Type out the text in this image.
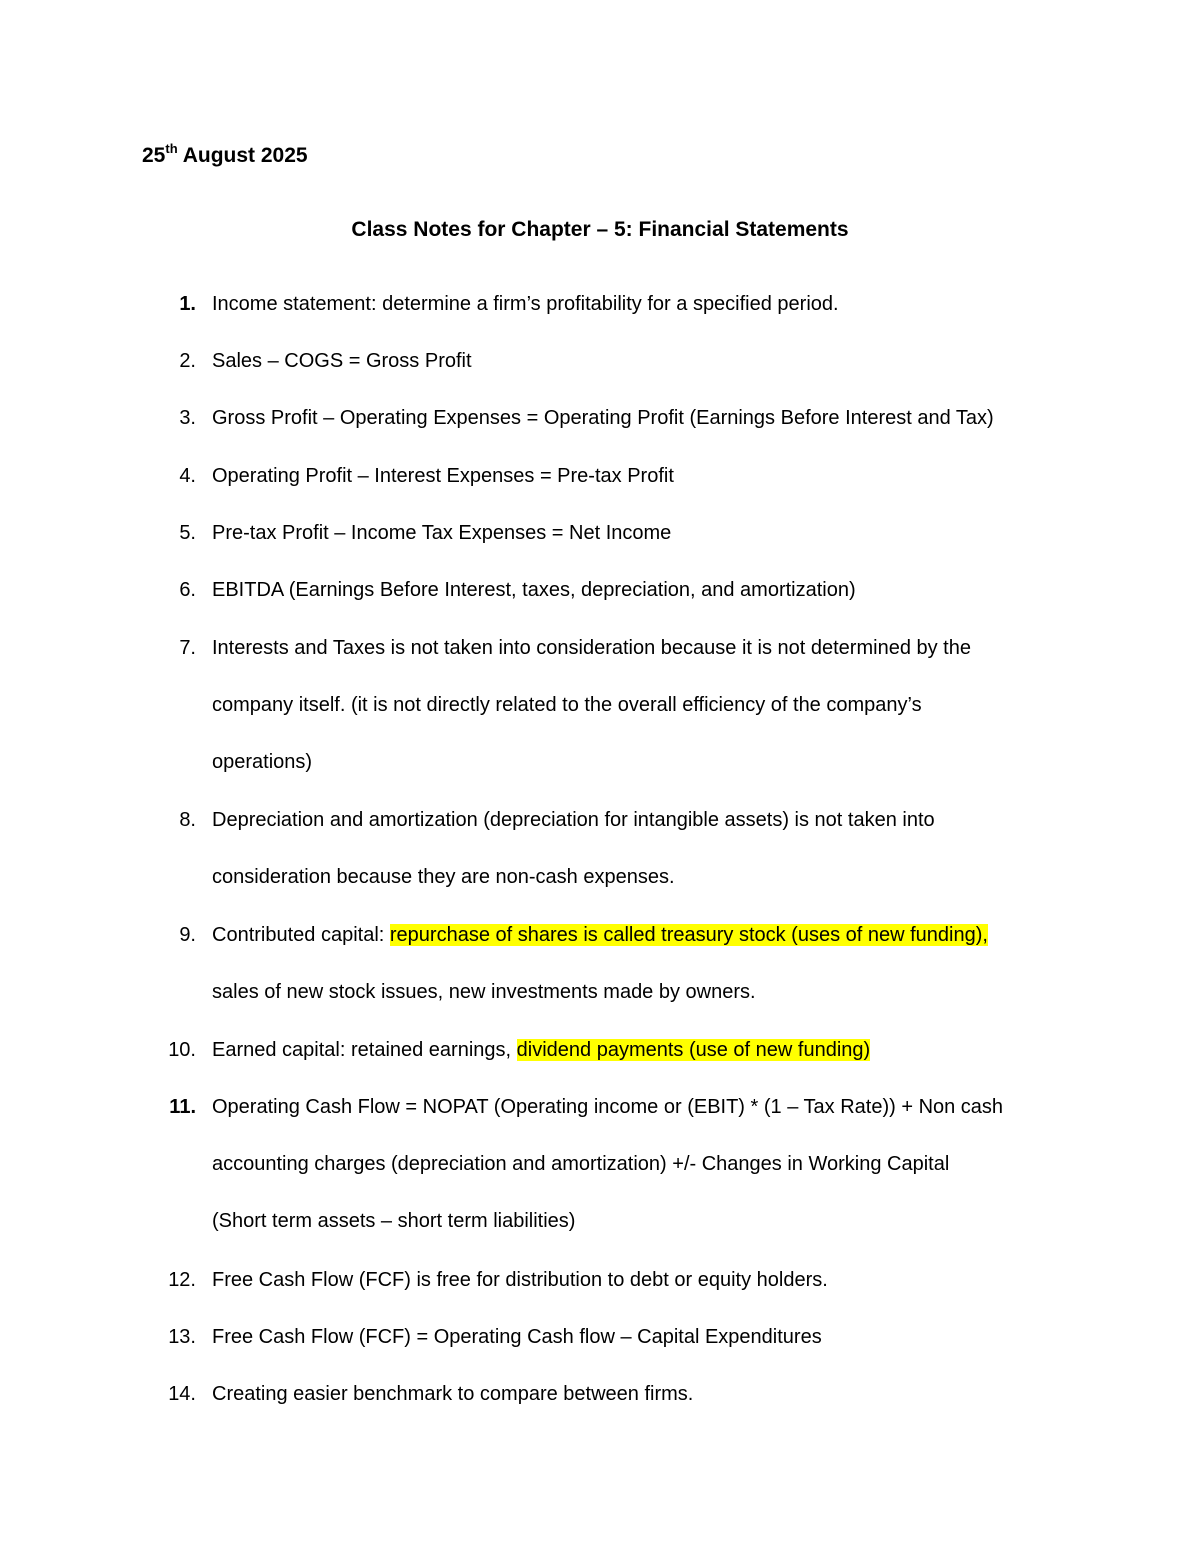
25th August 2025
Class Notes for Chapter – 5: Financial Statements
1. Income statement: determine a firm’s profitability for a specified period.
2. Sales – COGS = Gross Profit
3. Gross Profit – Operating Expenses = Operating Profit (Earnings Before Interest and Tax)
4. Operating Profit – Interest Expenses = Pre-tax Profit
5. Pre-tax Profit – Income Tax Expenses = Net Income
6. EBITDA (Earnings Before Interest, taxes, depreciation, and amortization)
7. Interests and Taxes is not taken into consideration because it is not determined by the
company itself. (it is not directly related to the overall efficiency of the company’s
operations)
8. Depreciation and amortization (depreciation for intangible assets) is not taken into
consideration because they are non-cash expenses.
9. Contributed capital: repurchase of shares is called treasury stock (uses of new funding),
sales of new stock issues, new investments made by owners.
10. Earned capital: retained earnings, dividend payments (use of new funding)
11. Operating Cash Flow = NOPAT (Operating income or (EBIT) * (1 – Tax Rate)) + Non cash
accounting charges (depreciation and amortization) +/- Changes in Working Capital
(Short term assets – short term liabilities)
12. Free Cash Flow (FCF) is free for distribution to debt or equity holders.
13. Free Cash Flow (FCF) = Operating Cash flow – Capital Expenditures
14. Creating easier benchmark to compare between firms.
